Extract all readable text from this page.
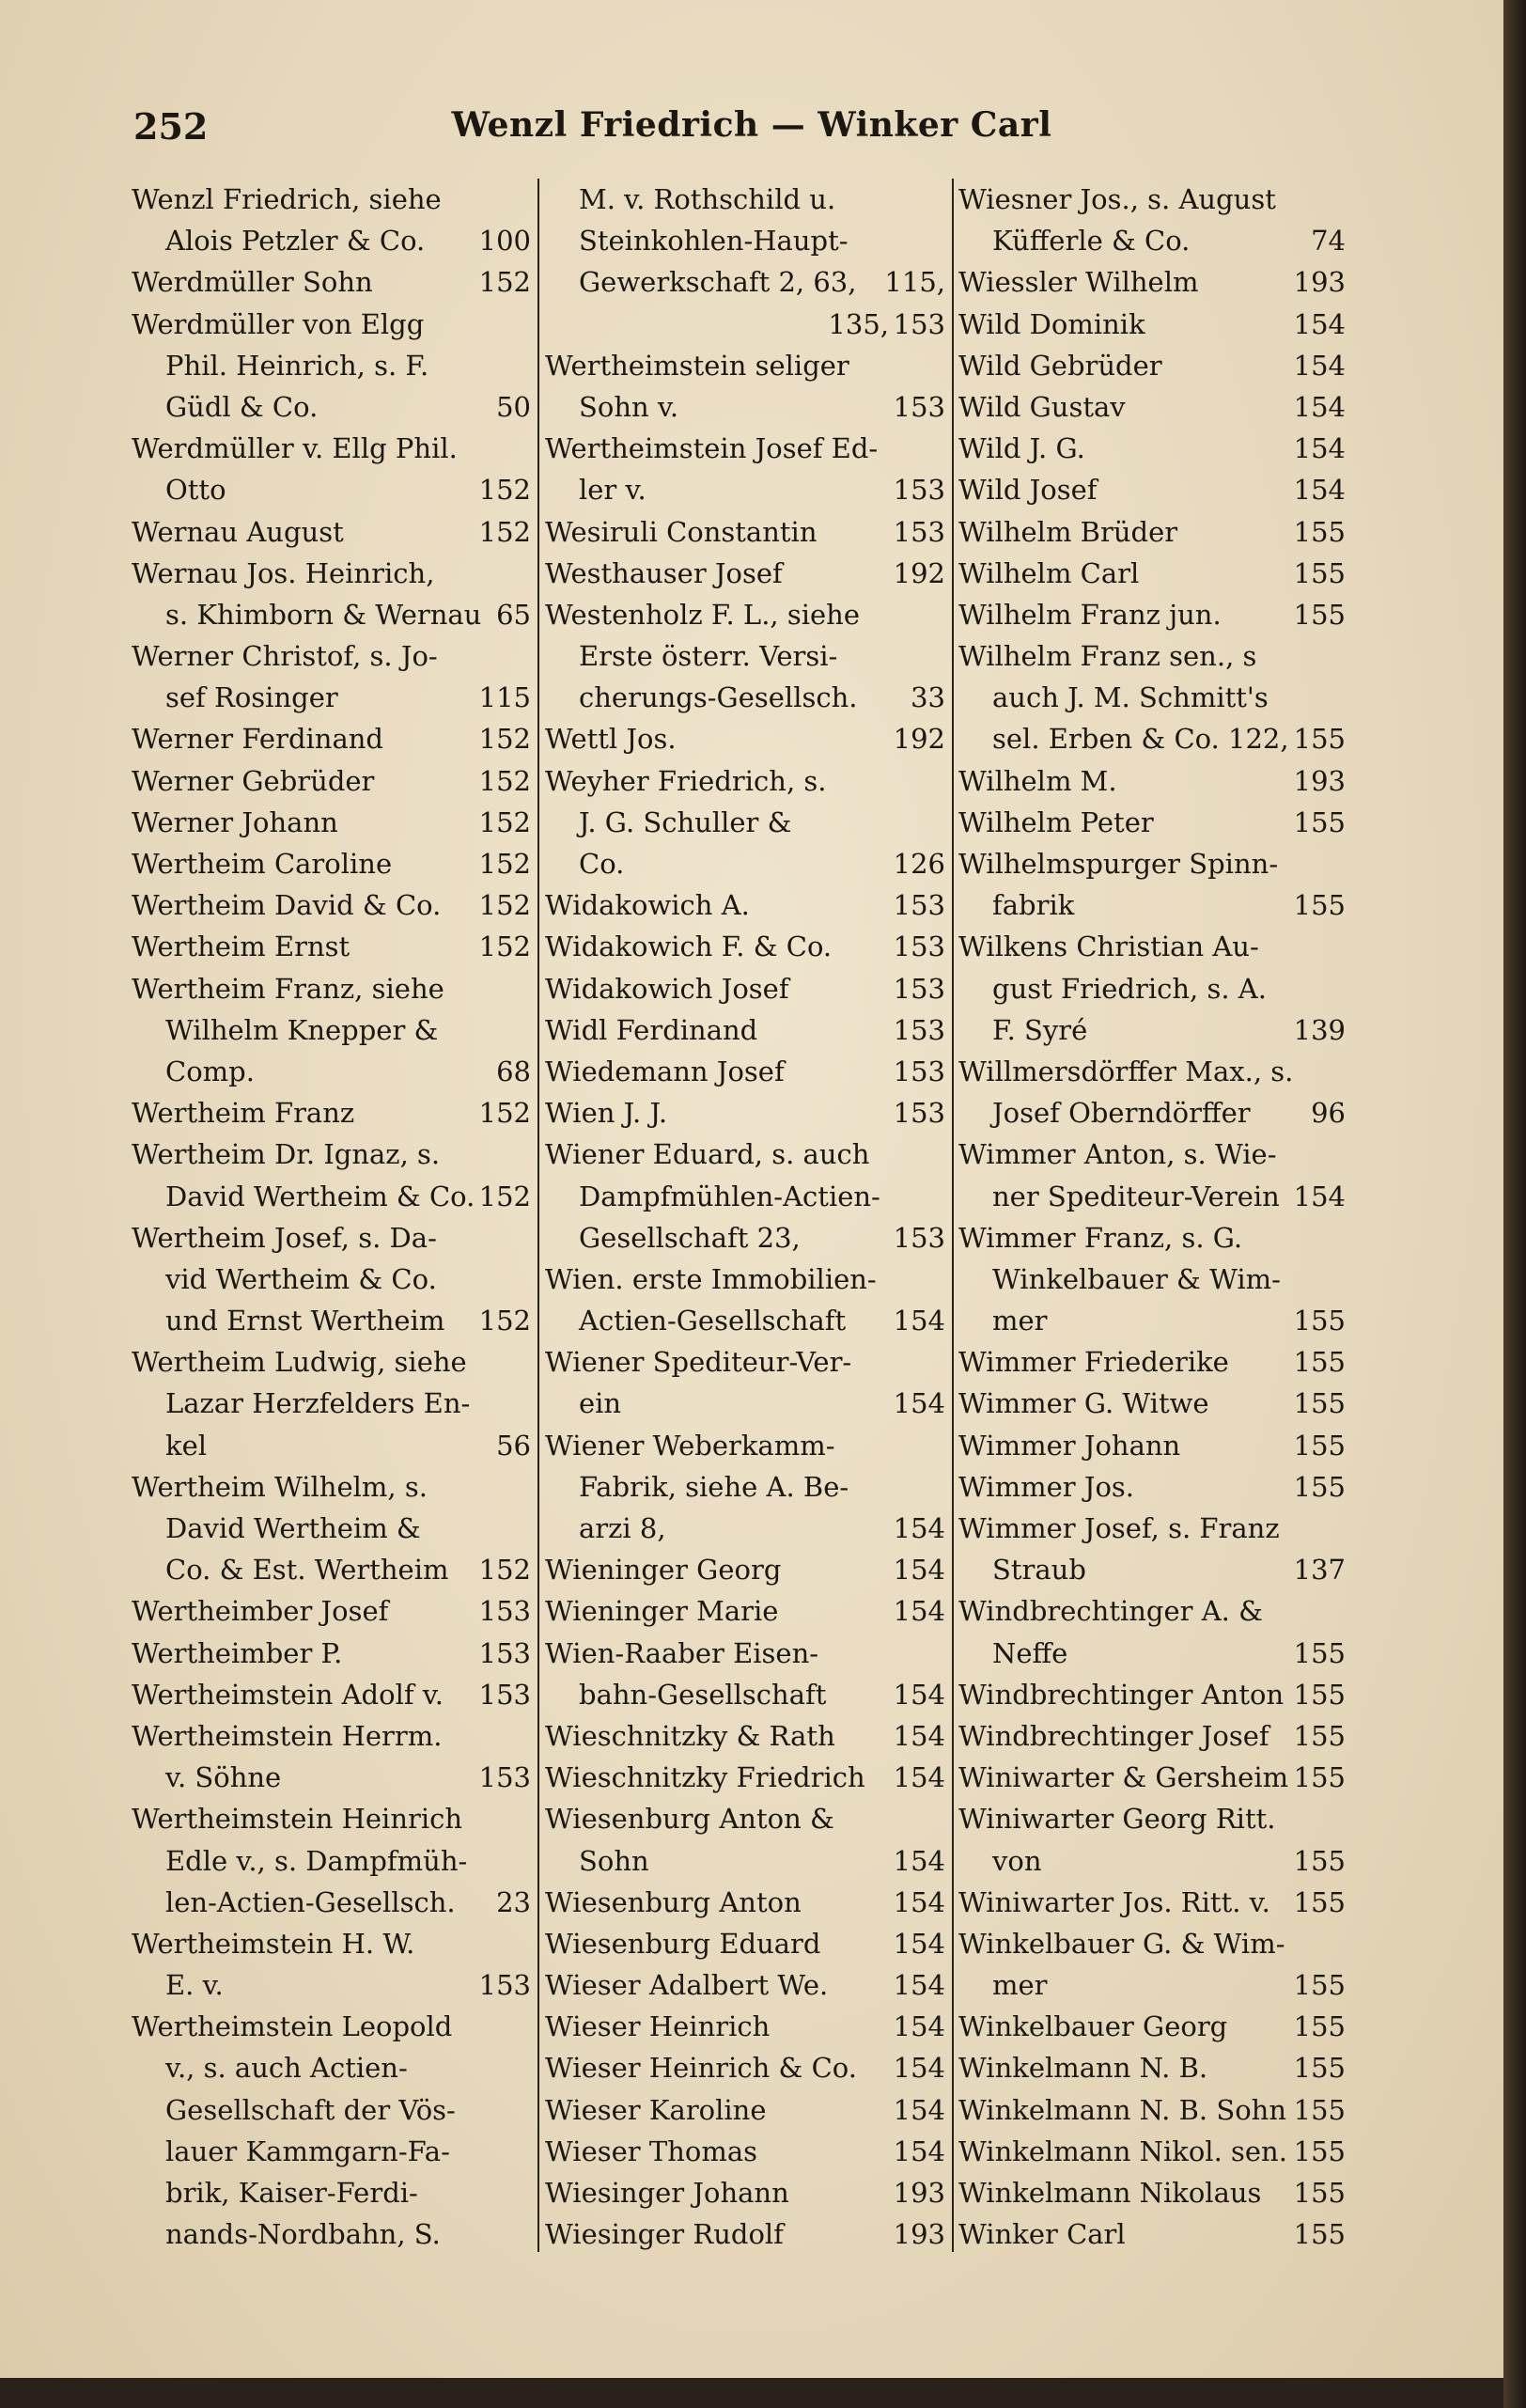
252	Wenzl Friedrich — Winker Carl
Wenzl Friedrich, siehe
Alois Petzler & Co. 100
Werdmüller Sohn	152
Werdmüller von Elgg
Phil. Heinrich, s. F.
Güdl & Co.	50
Werdmüller v. Ellg Phil.
Otto	152
Wernau August	152
Wernau Jos. Heinrich,
s. Khimborn & Wernau 65
Werner Christof, s. Jo-
sef Rosinger	115
Werner Ferdinand	152
Werner Gebrüder	152
Werner Johann	152
Wertheim Caroline	152
Wertheim David & Co. 152
Wertheim Ernst	152
Wertheim Franz, siehe
Wilhelm Knepper &
Comp.	68
Wertheim Franz	152
Wertheim Dr. Ignaz, s.
David Wertheim & Co. 152
Wertheim Josef, s. Da-
vid Wertheim & Co.
und Ernst Wertheim 152
Wertheim Ludwig, siehe
Lazar Herzfelders En-
kel	56
Wertheim Wilhelm, s.
David Wertheim &
Co. & Est. Wertheim 152
Wertheimber Josef	153
Wertheimber P.	153
Wertheimstein Adolf v. 153
Wertheimstein Herrm.
v. Söhne	153
Wertheimstein Heinrich
Edle v., s. Dampfmüh-
len-Actien-Gesellsch. 23
Wertheimstein H. W.
E. v.	153
Wertheimstein Leopold
v., s. auch Actien-
Gesellschaft der Vös-
lauer Kammgarn-Fa-
brik, Kaiser-Ferdi-
nands-Nordbahn, S.
M. v. Rothschild u.
Steinkohlen-Haupt-
Gewerkschaft 2, 63, 115,
135, 153
Wertheimstein seliger
Sohn v.	153
Wertheimstein Josef Ed-
ler v.	153
Wesiruli Constantin	153
Westhauser Josef	192
Westenholz F. L., siehe
Erste österr. Versi-
cherungs-Gesellsch. 33
Wettl Jos.	192
Weyher Friedrich, s.
J. G. Schuller &
Co.	126
Widakowich A.	153
Widakowich F. & Co. 153
Widakowich Josef	153
Widl Ferdinand	153
Wiedemann Josef	153
Wien J. J.	153
Wiener Eduard, s. auch
Dampfmühlen-Actien-
Gesellschaft 23,	153
Wien. erste Immobilien-
Actien-Gesellschaft 154
Wiener Spediteur-Ver-
ein	154
Wiener Weberkamm-
Fabrik, siehe A. Be-
arzi 8,	154
Wieninger Georg	154
Wieninger Marie	154
Wien-Raaber Eisen-
bahn-Gesellschaft 154
Wieschnitzky & Rath 154
Wieschnitzky Friedrich 154
Wiesenburg Anton &
Sohn	154
Wiesenburg Anton	154
Wiesenburg Eduard	154
Wieser Adalbert We. 154
Wieser Heinrich	154
Wieser Heinrich & Co. 154
Wieser Karoline	154
Wieser Thomas	154
Wiesinger Johann	193
Wiesinger Rudolf	193
Wiesner Jos., s. August
Küfferle & Co.	74
Wiessler Wilhelm	193
Wild Dominik	154
Wild Gebrüder	154
Wild Gustav	154
Wild J. G.	154
Wild Josef	154
Wilhelm Brüder	155
Wilhelm Carl	155
Wilhelm Franz jun.	155
Wilhelm Franz sen., s
auch J. M. Schmitt's
sel. Erben & Co. 122, 155
Wilhelm M.	193
Wilhelm Peter	155
Wilhelmspurger Spinn-
fabrik	155
Wilkens Christian Au-
gust Friedrich, s. A.
F. Syré	139
Willmersdörffer Max., s.
Josef Oberndörffer 96
Wimmer Anton, s. Wie-
ner Spediteur-Verein 154
Wimmer Franz, s. G.
Winkelbauer & Wim-
mer	155
Wimmer Friederike 155
Wimmer G. Witwe	155
Wimmer Johann	155
Wimmer Jos.	155
Wimmer Josef, s. Franz
Straub	137
Windbrechtinger A. &
Neffe	155
Windbrechtinger Anton 155
Windbrechtinger Josef 155
Winiwarter & Gersheim 155
Winiwarter Georg Ritt.
von	155
Winiwarter Jos. Ritt. v. 155
Winkelbauer G. & Wim-
mer	155
Winkelbauer Georg 155
Winkelmann N. B.	155
Winkelmann N. B. Sohn 155
Winkelmann Nikol. sen. 155
Winkelmann Nikolaus 155
Winker Carl	155
